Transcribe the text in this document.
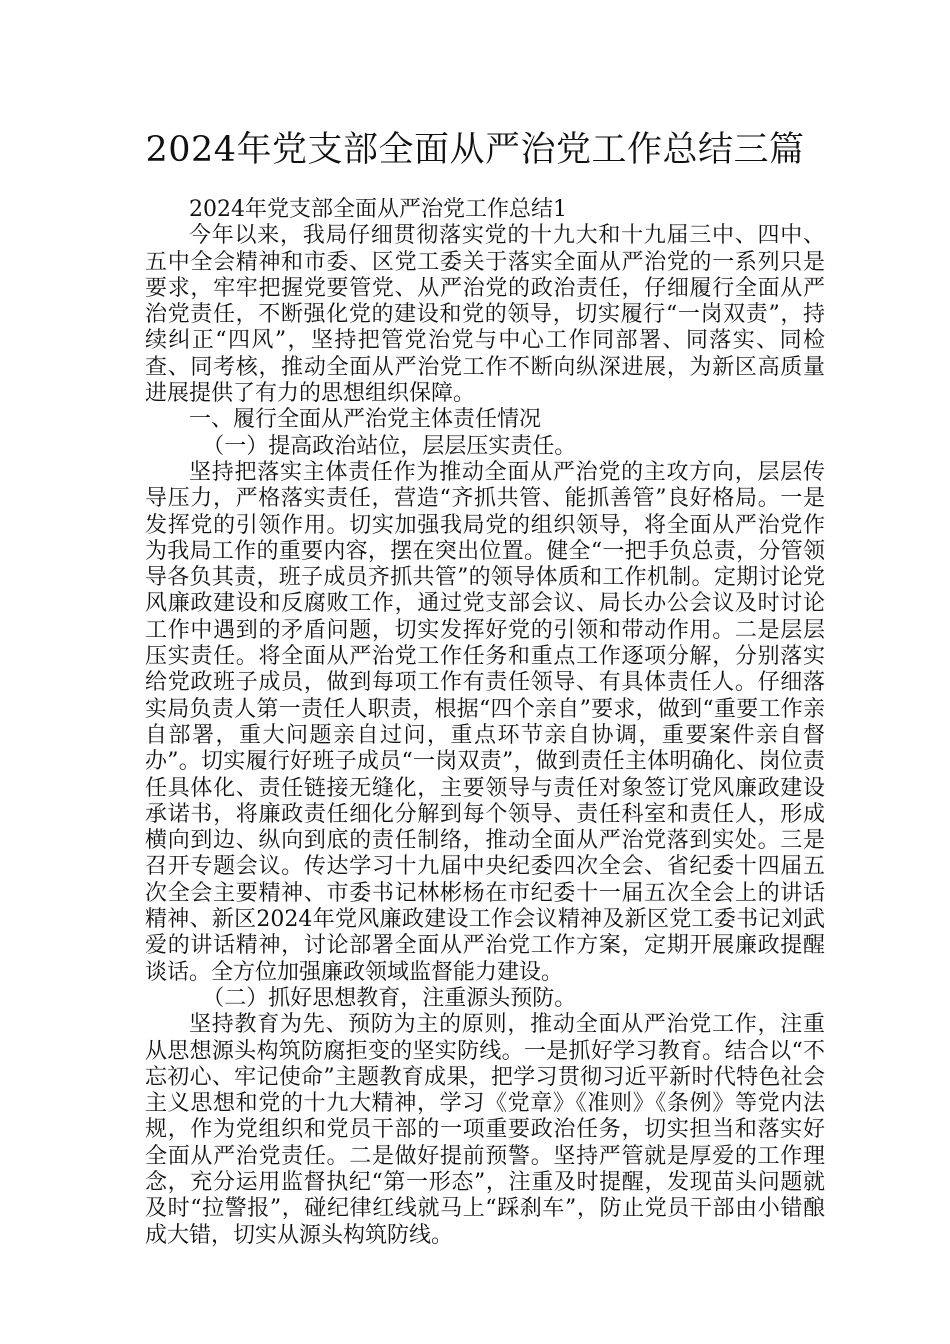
2024年党支部全面从严治党工作总结三篇

2024年党支部全面从严治党工作总结1

今年以来，我局仔细贯彻落实党的十九大和十九届三中、四中、五中全会精神和市委、区党工委关于落实全面从严治党的一系列只是要求，牢牢把握党要管党、从严治党的政治责任，仔细履行全面从严治党责任，不断强化党的建设和党的领导，切实履行“一岗双责”，持续纠正“四风”，坚持把管党治党与中心工作同部署、同落实、同检查、同考核，推动全面从严治党工作不断向纵深进展，为新区高质量进展提供了有力的思想组织保障。

一、履行全面从严治党主体责任情况

（一）提高政治站位，层层压实责任。

坚持把落实主体责任作为推动全面从严治党的主攻方向，层层传导压力，严格落实责任，营造“齐抓共管、能抓善管”良好格局。一是发挥党的引领作用。切实加强我局党的组织领导，将全面从严治党作为我局工作的重要内容，摆在突出位置。健全“一把手负总责，分管领导各负其责，班子成员齐抓共管”的领导体质和工作机制。定期讨论党风廉政建设和反腐败工作，通过党支部会议、局长办公会议及时讨论工作中遇到的矛盾问题，切实发挥好党的引领和带动作用。二是层层压实责任。将全面从严治党工作任务和重点工作逐项分解，分别落实给党政班子成员，做到每项工作有责任领导、有具体责任人。仔细落实局负责人第一责任人职责，根据“四个亲自”要求，做到“重要工作亲自部署，重大问题亲自过问，重点环节亲自协调，重要案件亲自督办”。切实履行好班子成员“一岗双责”，做到责任主体明确化、岗位责任具体化、责任链接无缝化，主要领导与责任对象签订党风廉政建设承诺书，将廉政责任细化分解到每个领导、责任科室和责任人，形成横向到边、纵向到底的责任制络，推动全面从严治党落到实处。三是召开专题会议。传达学习十九届中央纪委四次全会、省纪委十四届五次全会主要精神、市委书记林彬杨在市纪委十一届五次全会上的讲话精神、新区2024年党风廉政建设工作会议精神及新区党工委书记刘武爱的讲话精神，讨论部署全面从严治党工作方案，定期开展廉政提醒谈话。全方位加强廉政领域监督能力建设。

（二）抓好思想教育，注重源头预防。

坚持教育为先、预防为主的原则，推动全面从严治党工作，注重从思想源头构筑防腐拒变的坚实防线。一是抓好学习教育。结合以“不忘初心、牢记使命”主题教育成果，把学习贯彻习近平新时代特色社会主义思想和党的十九大精神，学习《党章》《准则》《条例》等党内法规，作为党组织和党员干部的一项重要政治任务，切实担当和落实好全面从严治党责任。二是做好提前预警。坚持严管就是厚爱的工作理念，充分运用监督执纪“第一形态”，注重及时提醒，发现苗头问题就及时“拉警报”，碰纪律红线就马上“踩刹车”，防止党员干部由小错酿成大错，切实从源头构筑防线。
